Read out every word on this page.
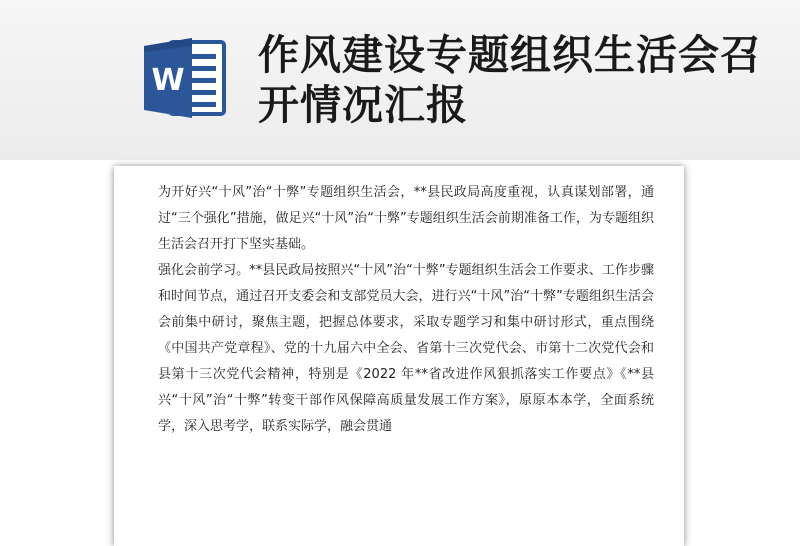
W
作风建设专题组织生活会召开情况汇报

为开好兴“十风”治“十弊”专题组织生活会，**县民政局高度重视，认真谋划部署，通过“三个强化”措施，做足兴“十风”治“十弊”专题组织生活会前期准备工作，为专题组织生活会召开打下坚实基础。

强化会前学习。**县民政局按照兴“十风”治“十弊”专题组织生活会工作要求、工作步骤和时间节点，通过召开支委会和支部党员大会，进行兴“十风”治“十弊”专题组织生活会会前集中研讨，聚焦主题，把握总体要求，采取专题学习和集中研讨形式，重点围绕《中国共产党章程》、党的十九届六中全会、省第十三次党代会、市第十二次党代会和县第十三次党代会精神，特别是《2022 年**省改进作风狠抓落实工作要点》《**县兴“十风”治“十弊”转变干部作风保障高质量发展工作方案》，原原本本学，全面系统学，深入思考学，联系实际学，融会贯通
